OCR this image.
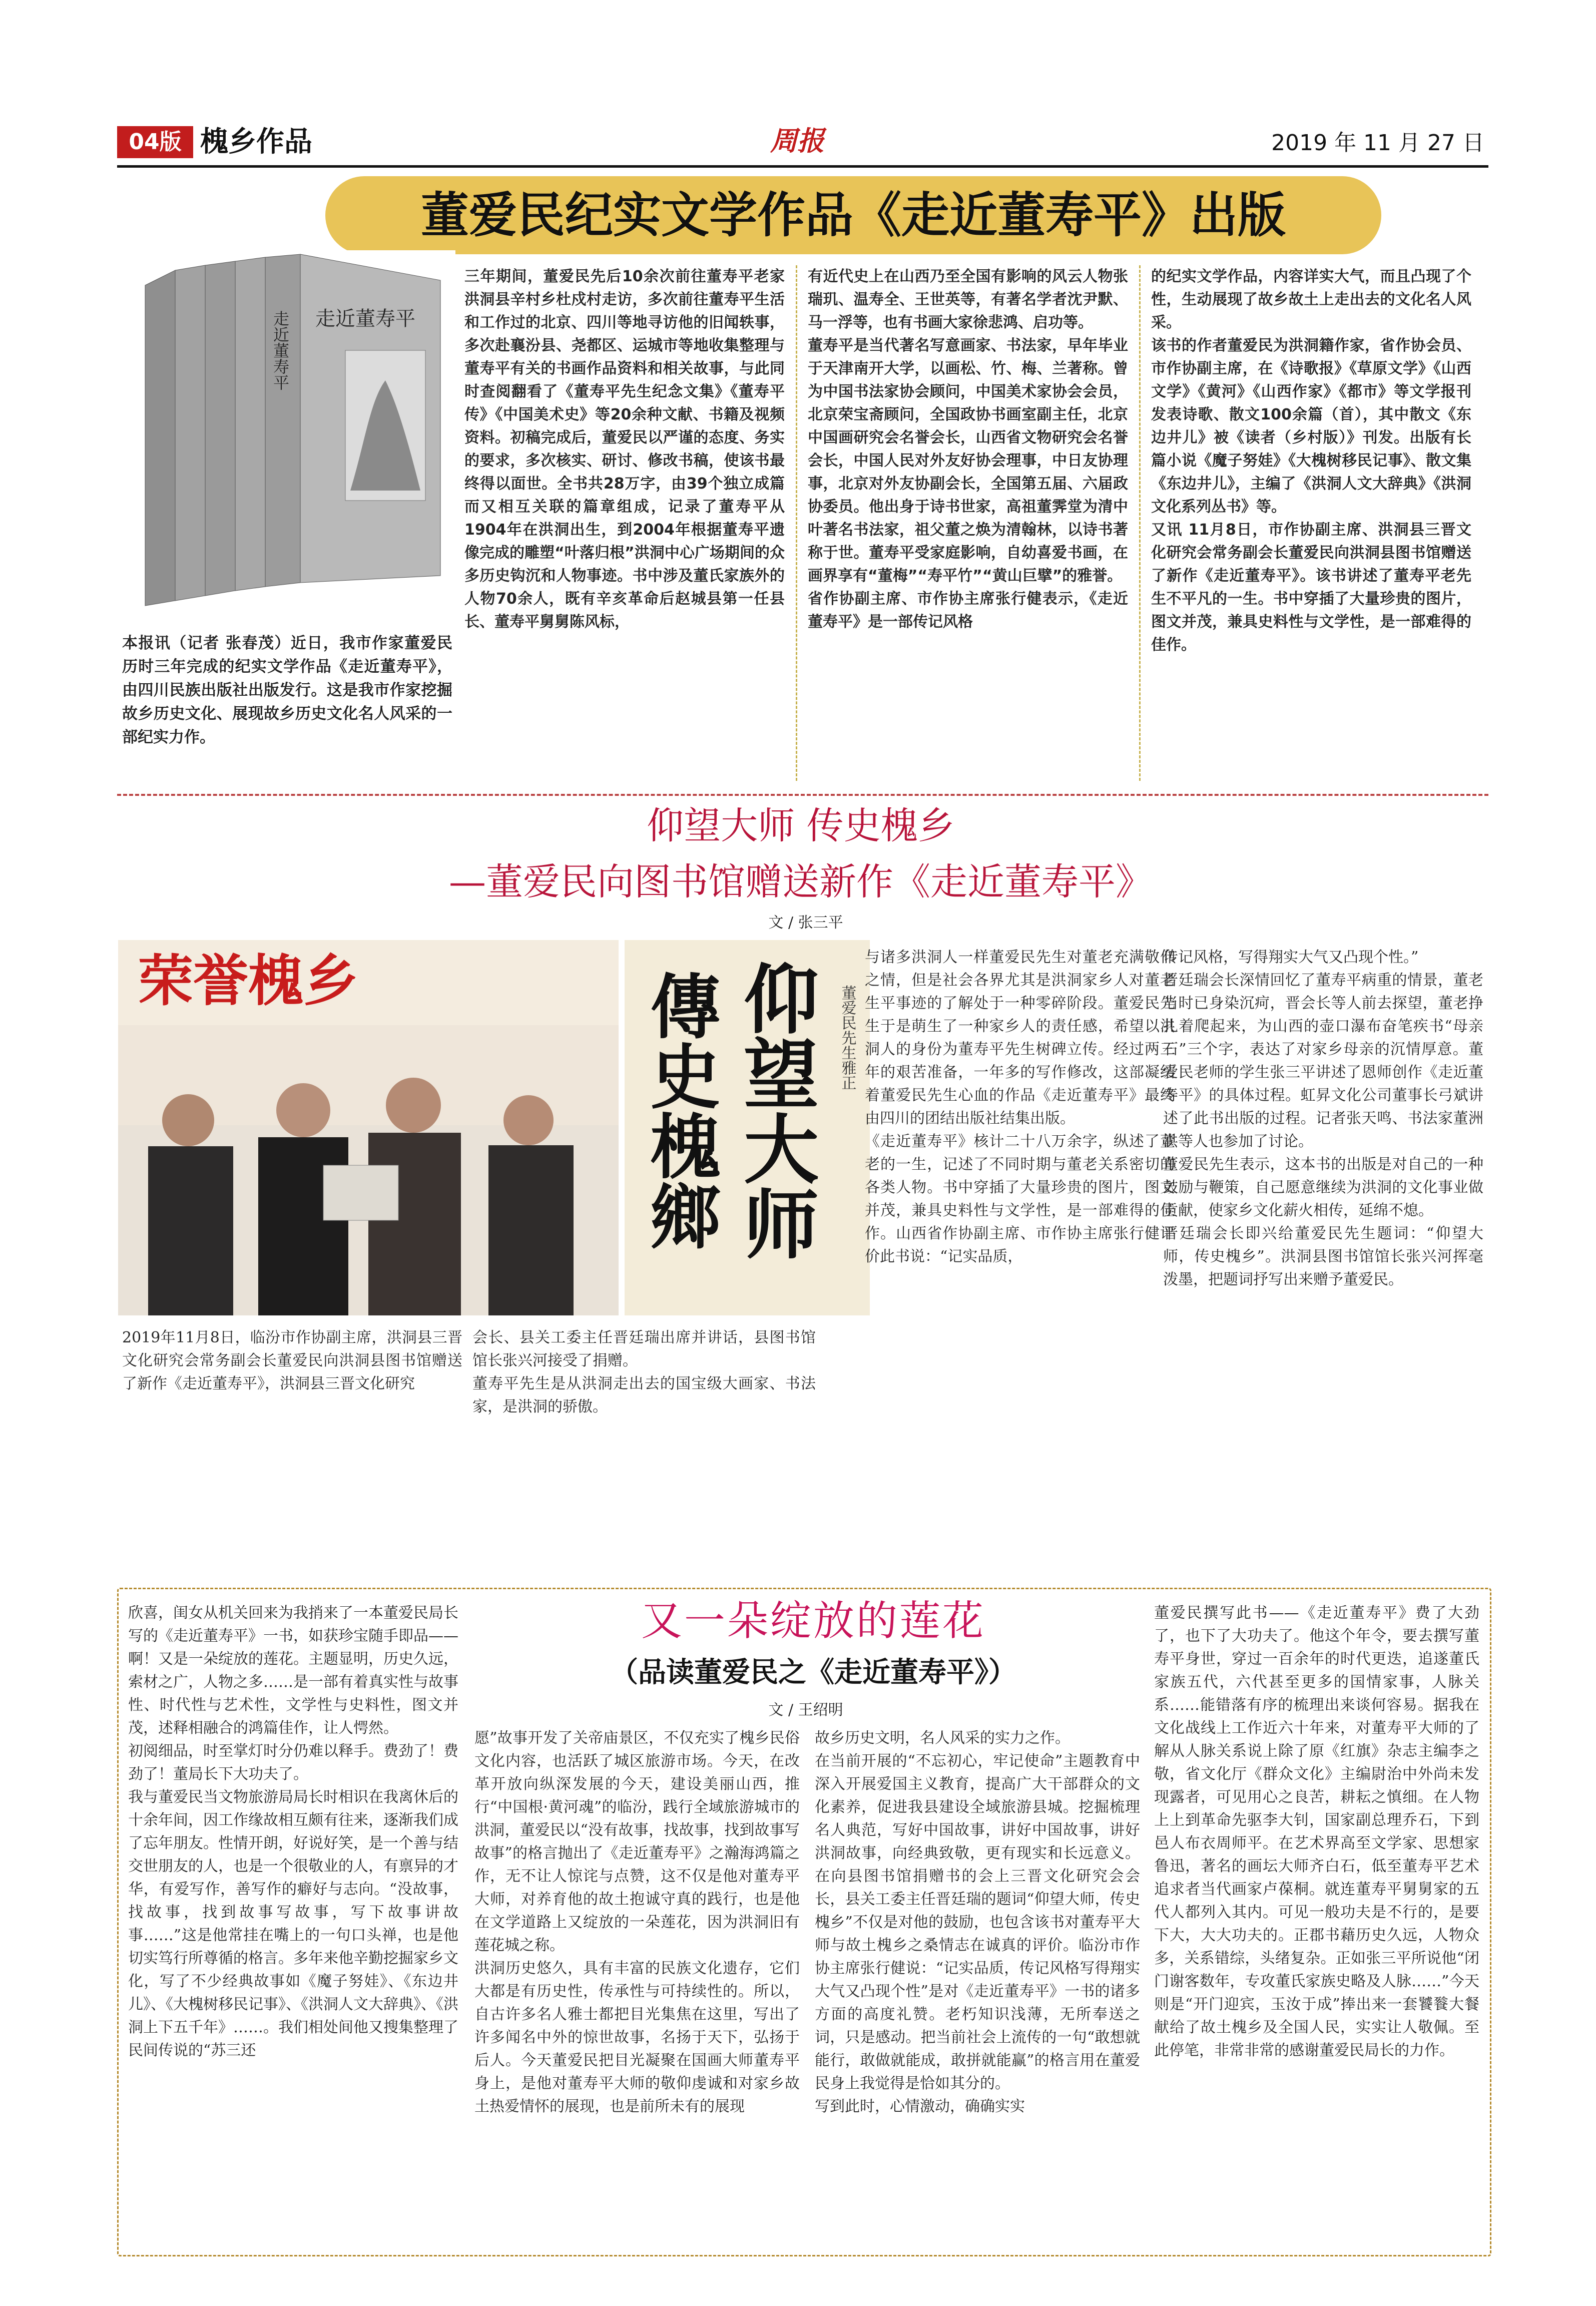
04版 槐乡作品	周报	2019 年 11 月 27 日
董爱民纪实文学作品《走近董寿平》出版
走近董寿平
走近董寿平
本报讯（记者 张春茂）近日，我市作家董爱民历时三年完成的纪实文学作品《走近董寿平》，由四川民族出版社出版发行。这是我市作家挖掘故乡历史文化、展现故乡历史文化名人风采的一部纪实力作。
三年期间，董爱民先后10余次前往董寿平老家洪洞县辛村乡杜戍村走访，多次前往董寿平生活和工作过的北京、四川等地寻访他的旧闻轶事，多次赴襄汾县、尧都区、运城市等地收集整理与董寿平有关的书画作品资料和相关故事，与此同时查阅翻看了《董寿平先生纪念文集》《董寿平传》《中国美术史》等20余种文献、书籍及视频资料。初稿完成后，董爱民以严谨的态度、务实的要求，多次核实、研讨、修改书稿，使该书最终得以面世。全书共28万字，由39个独立成篇而又相互关联的篇章组成，记录了董寿平从1904年在洪洞出生，到2004年根据董寿平遗像完成的雕塑“叶落归根”洪洞中心广场期间的众多历史钩沉和人物事迹。书中涉及董氏家族外的人物70余人，既有辛亥革命后赵城县第一任县长、董寿平舅舅陈风标，
有近代史上在山西乃至全国有影响的风云人物张瑞玑、温寿全、王世英等，有著名学者沈尹默、马一浮等，也有书画大家徐悲鸿、启功等。
董寿平是当代著名写意画家、书法家，早年毕业于天津南开大学，以画松、竹、梅、兰著称。曾为中国书法家协会顾问，中国美术家协会会员，北京荣宝斋顾问，全国政协书画室副主任，北京中国画研究会名誉会长，山西省文物研究会名誉会长，中国人民对外友好协会理事，中日友协理事，北京对外友协副会长，全国第五届、六届政协委员。他出身于诗书世家，高祖董霁堂为清中叶著名书法家，祖父董之焕为清翰林，以诗书著称于世。董寿平受家庭影响，自幼喜爱书画，在画界享有“董梅”“寿平竹”“黄山巨擘”的雅誉。
省作协副主席、市作协主席张行健表示，《走近董寿平》是一部传记风格
的纪实文学作品，内容详实大气，而且凸现了个性，生动展现了故乡故土上走出去的文化名人风采。
该书的作者董爱民为洪洞籍作家，省作协会员、市作协副主席，在《诗歌报》《草原文学》《山西文学》《黄河》《山西作家》《都市》等文学报刊发表诗歌、散文100余篇（首），其中散文《东边井儿》被《读者（乡村版）》刊发。出版有长篇小说《魔子努娃》《大槐树移民记事》、散文集《东边井儿》，主编了《洪洞人文大辞典》《洪洞文化系列丛书》等。
又讯 11月8日，市作协副主席、洪洞县三晋文化研究会常务副会长董爱民向洪洞县图书馆赠送了新作《走近董寿平》。该书讲述了董寿平老先生不平凡的一生。书中穿插了大量珍贵的图片，图文并茂，兼具史料性与文学性，是一部难得的佳作。
仰望大师 传史槐乡
—董爱民向图书馆赠送新作《走近董寿平》
文 / 张三平
荣誉槐乡	仰望大师
傳史槐鄉	董爱民先生雅正
2019年11月8日，临汾市作协副主席，洪洞县三晋文化研究会常务副会长董爱民向洪洞县图书馆赠送了新作《走近董寿平》，洪洞县三晋文化研究
会长、县关工委主任晋廷瑞出席并讲话，县图书馆馆长张兴河接受了捐赠。
董寿平先生是从洪洞走出去的国宝级大画家、书法家，是洪洞的骄傲。
与诸多洪洞人一样董爱民先生对董老充满敬仰之情，但是社会各界尤其是洪洞家乡人对董老生平事迹的了解处于一种零碎阶段。董爱民先生于是萌生了一种家乡人的责任感，希望以洪洞人的身份为董寿平先生树碑立传。经过两三年的艰苦准备，一年多的写作修改，这部凝结着董爱民先生心血的作品《走近董寿平》最终由四川的团结出版社结集出版。
《走近董寿平》核计二十八万余字，纵述了董老的一生，记述了不同时期与董老关系密切的各类人物。书中穿插了大量珍贵的图片，图文并茂，兼具史料性与文学性，是一部难得的佳作。山西省作协副主席、市作协主席张行健评价此书说：“记实品质，
传记风格，写得翔实大气又凸现个性。”
晋廷瑞会长深情回忆了董寿平病重的情景，董老当时已身染沉疴，晋会长等人前去探望，董老挣扎着爬起来，为山西的壶口瀑布奋笔疾书“母亲石”三个字，表达了对家乡母亲的沉情厚意。董爱民老师的学生张三平讲述了恩师创作《走近董寿平》的具体过程。虹昇文化公司董事长弓斌讲述了此书出版的过程。记者张天鸣、书法家董洲洪等人也参加了讨论。
董爱民先生表示，这本书的出版是对自己的一种鼓励与鞭策，自己愿意继续为洪洞的文化事业做贡献，使家乡文化薪火相传，延绵不熄。
晋廷瑞会长即兴给董爱民先生题词：“仰望大师，传史槐乡”。洪洞县图书馆馆长张兴河挥毫泼墨，把题词抒写出来赠予董爱民。
又一朵绽放的莲花
（品读董爱民之《走近董寿平》）
文 / 王绍明
欣喜，闺女从机关回来为我捎来了一本董爱民局长写的《走近董寿平》一书，如获珍宝随手即品——啊！又是一朵绽放的莲花。主题显明，历史久远，索材之广，人物之多……是一部有着真实性与故事性、时代性与艺术性，文学性与史料性，图文并茂，述释相融合的鸿篇佳作，让人愕然。
初阅细品，时至掌灯时分仍难以释手。费劲了！费劲了！董局长下大功夫了。
我与董爱民当文物旅游局局长时相识在我离休后的十余年间，因工作缘故相互颇有往来，逐渐我们成了忘年朋友。性情开朗，好说好笑，是一个善与结交世朋友的人，也是一个很敬业的人，有禀异的才华，有爱写作，善写作的癖好与志向。“没故事，找故事，找到故事写故事，写下故事讲故事……”这是他常挂在嘴上的一句口头禅，也是他切实笃行所尊循的格言。多年来他辛勤挖掘家乡文化，写了不少经典故事如《魔子努娃》、《东边井儿》、《大槐树移民记事》、《洪洞人文大辞典》、《洪洞上下五千年》……。我们相处间他又搜集整理了民间传说的“苏三还
愿”故事开发了关帝庙景区，不仅充实了槐乡民俗文化内容，也活跃了城区旅游市场。今天，在改革开放向纵深发展的今天，建设美丽山西，推行“中国根·黄河魂”的临汾，践行全域旅游城市的洪洞，董爱民以“没有故事，找故事，找到故事写故事”的格言抛出了《走近董寿平》之瀚海鸿篇之作，无不让人惊诧与点赞，这不仅是他对董寿平大师，对养育他的故土抱诚守真的践行，也是他在文学道路上又绽放的一朵莲花，因为洪洞旧有莲花城之称。
洪洞历史悠久，具有丰富的民族文化遗存，它们大都是有历史性，传承性与可持续性的。所以，自古许多名人雅士都把目光集焦在这里，写出了许多闻名中外的惊世故事，名扬于天下，弘扬于后人。今天董爱民把目光凝聚在国画大师董寿平身上，是他对董寿平大师的敬仰虔诚和对家乡故土热爱情怀的展现，也是前所未有的展现
故乡历史文明，名人风采的实力之作。
在当前开展的“不忘初心，牢记使命”主题教育中深入开展爱国主义教育，提高广大干部群众的文化素养，促进我县建设全域旅游县城。挖掘梳理名人典范，写好中国故事，讲好中国故事，讲好洪洞故事，向经典致敬，更有现实和长远意义。在向县图书馆捐赠书的会上三晋文化研究会会长，县关工委主任晋廷瑞的题词“仰望大师，传史槐乡”不仅是对他的鼓励，也包含该书对董寿平大师与故土槐乡之桑情志在诚真的评价。临汾市作协主席张行健说：“记实品质，传记风格写得翔实大气又凸现个性”是对《走近董寿平》一书的诸多方面的高度礼赞。老朽知识浅薄，无所奉送之词，只是感动。把当前社会上流传的一句“敢想就能行，敢做就能成，敢拼就能赢”的格言用在董爱民身上我觉得是恰如其分的。
写到此时，心情激动，确确实实
董爱民撰写此书——《走近董寿平》费了大劲了，也下了大功夫了。他这个年令，要去撰写董寿平身世，穿过一百余年的时代更迭，追遂董氏家族五代，六代甚至更多的国情家事，人脉关系……能错落有序的梳理出来谈何容易。据我在文化战线上工作近六十年来，对董寿平大师的了解从人脉关系说上除了原《红旗》杂志主编李之敬，省文化厅《群众文化》主编尉治中外尚未发现露者，可见用心之良苦，耕耘之慎细。在人物上上到革命先驱李大钊，国家副总理乔石，下到邑人布衣周师平。在艺术界高至文学家、思想家鲁迅，著名的画坛大师齐白石，低至董寿平艺术追求者当代画家卢葆桐。就连董寿平舅舅家的五代人都列入其内。可见一般功夫是不行的，是要下大，大大功夫的。正郡书藉历史久远，人物众多，关系错综，头绪复杂。正如张三平所说他“闭门谢客数年，专攻董氏家族史略及人脉……”今天则是“开门迎宾，玉汝于成”捧出来一套饕餮大餐献给了故土槐乡及全国人民，实实让人敬佩。至此停笔，非常非常的感谢董爱民局长的力作。
